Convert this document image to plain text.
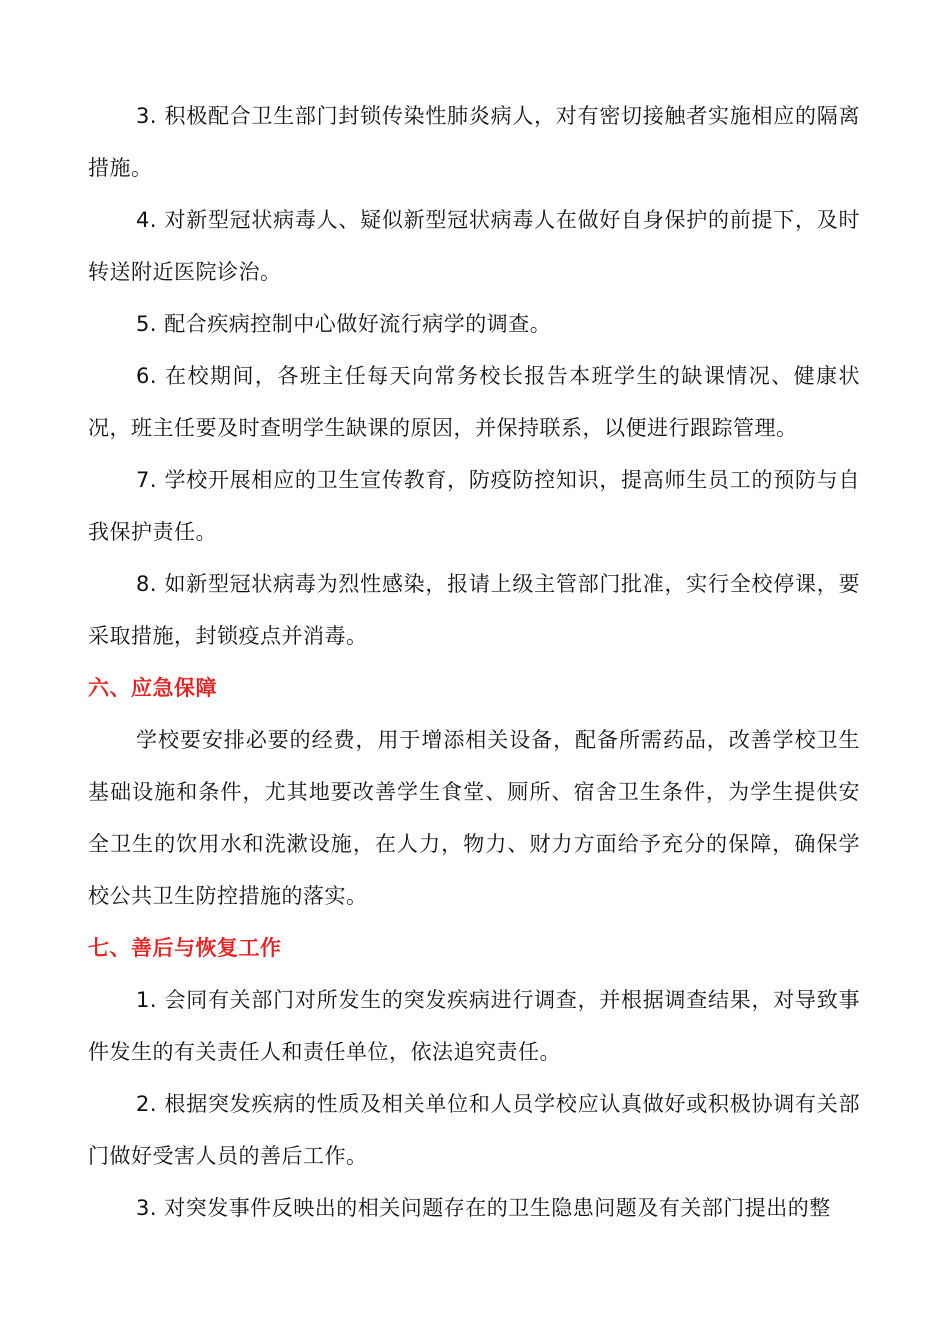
3. 积极配合卫生部门封锁传染性肺炎病人，对有密切接触者实施相应的隔离措施。

4. 对新型冠状病毒人、疑似新型冠状病毒人在做好自身保护的前提下，及时转送附近医院诊治。

5. 配合疾病控制中心做好流行病学的调查。

6. 在校期间，各班主任每天向常务校长报告本班学生的缺课情况、健康状况，班主任要及时查明学生缺课的原因，并保持联系，以便进行跟踪管理。

7. 学校开展相应的卫生宣传教育，防疫防控知识，提高师生员工的预防与自我保护责任。

8. 如新型冠状病毒为烈性感染，报请上级主管部门批准，实行全校停课，要采取措施，封锁疫点并消毒。

六、应急保障

学校要安排必要的经费，用于增添相关设备，配备所需药品，改善学校卫生基础设施和条件，尤其地要改善学生食堂、厕所、宿舍卫生条件，为学生提供安全卫生的饮用水和洗漱设施，在人力，物力、财力方面给予充分的保障，确保学校公共卫生防控措施的落实。

七、善后与恢复工作

1. 会同有关部门对所发生的突发疾病进行调查，并根据调查结果，对导致事件发生的有关责任人和责任单位，依法追究责任。

2. 根据突发疾病的性质及相关单位和人员学校应认真做好或积极协调有关部门做好受害人员的善后工作。

3. 对突发事件反映出的相关问题存在的卫生隐患问题及有关部门提出的整
